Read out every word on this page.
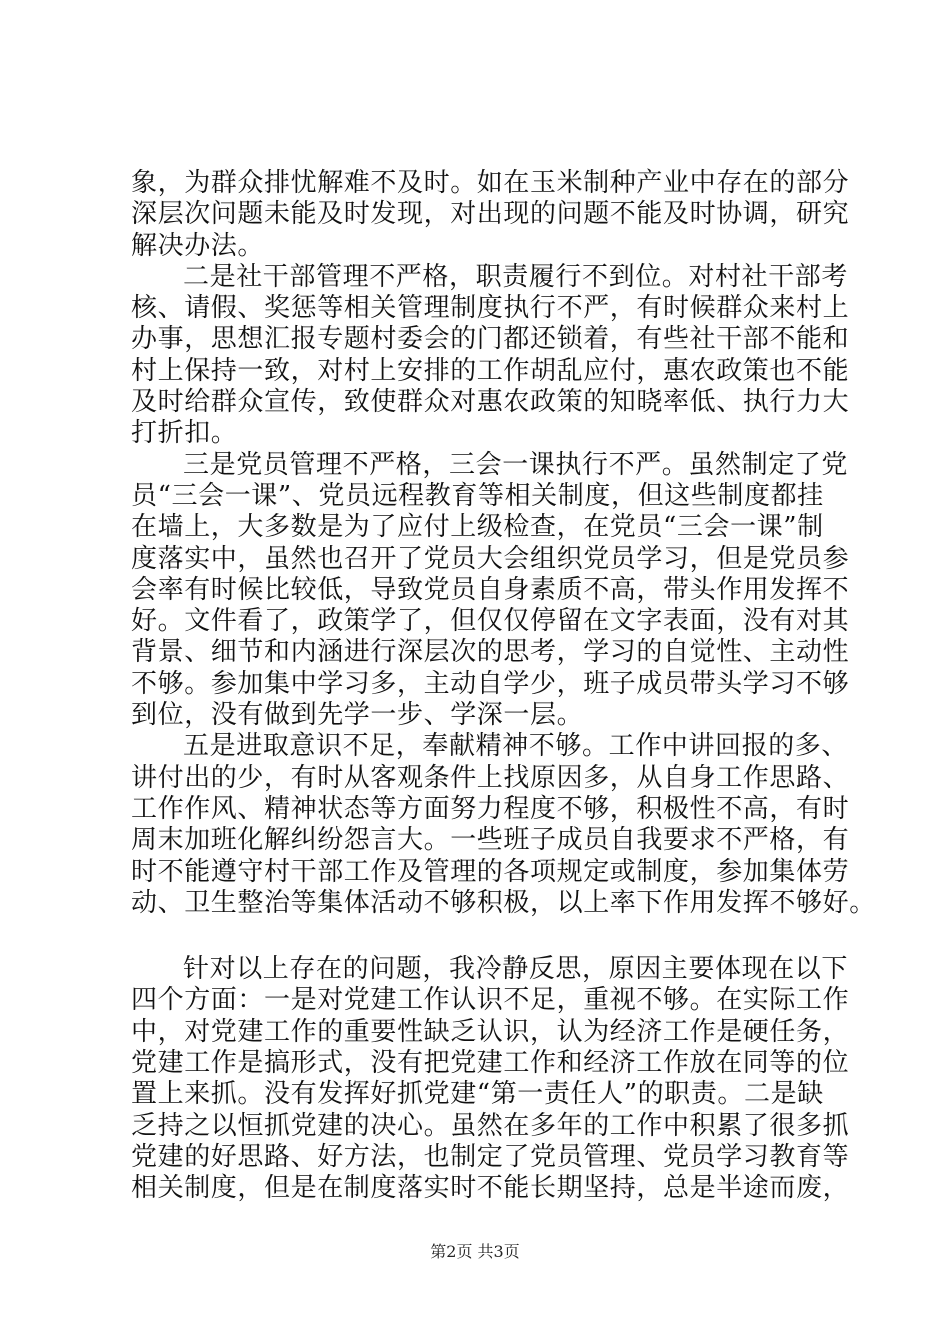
象，为群众排忧解难不及时。如在玉米制种产业中存在的部分
深层次问题未能及时发现，对出现的问题不能及时协调，研究
解决办法。
二是社干部管理不严格，职责履行不到位。对村社干部考
核、请假、奖惩等相关管理制度执行不严，有时候群众来村上
办事，思想汇报专题村委会的门都还锁着，有些社干部不能和
村上保持一致，对村上安排的工作胡乱应付，惠农政策也不能
及时给群众宣传，致使群众对惠农政策的知晓率低、执行力大
打折扣。
三是党员管理不严格，三会一课执行不严。虽然制定了党
员“三会一课”、党员远程教育等相关制度，但这些制度都挂
在墙上，大多数是为了应付上级检查，在党员“三会一课”制
度落实中，虽然也召开了党员大会组织党员学习，但是党员参
会率有时候比较低，导致党员自身素质不高，带头作用发挥不
好。文件看了，政策学了，但仅仅停留在文字表面，没有对其
背景、细节和内涵进行深层次的思考，学习的自觉性、主动性
不够。参加集中学习多，主动自学少，班子成员带头学习不够
到位，没有做到先学一步、学深一层。
五是进取意识不足，奉献精神不够。工作中讲回报的多、
讲付出的少，有时从客观条件上找原因多，从自身工作思路、
工作作风、精神状态等方面努力程度不够，积极性不高，有时
周末加班化解纠纷怨言大。一些班子成员自我要求不严格，有
时不能遵守村干部工作及管理的各项规定或制度，参加集体劳
动、卫生整治等集体活动不够积极，以上率下作用发挥不够好。
针对以上存在的问题，我冷静反思，原因主要体现在以下
四个方面：一是对党建工作认识不足，重视不够。在实际工作
中，对党建工作的重要性缺乏认识，认为经济工作是硬任务，
党建工作是搞形式，没有把党建工作和经济工作放在同等的位
置上来抓。没有发挥好抓党建“第一责任人”的职责。二是缺
乏持之以恒抓党建的决心。虽然在多年的工作中积累了很多抓
党建的好思路、好方法，也制定了党员管理、党员学习教育等
相关制度，但是在制度落实时不能长期坚持，总是半途而废，
第2页 共3页
